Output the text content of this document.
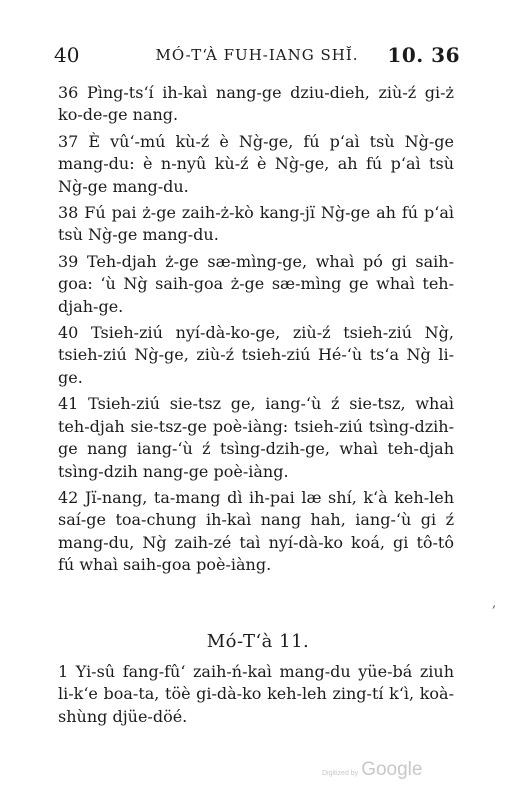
40	MÓ-T‘À FUH-IANG SHĬ. 10. 36

36 Pìng-ts‘í ih-kaì nang-ge dziu-dieh, ziù-ź gi-ż ko-de-ge nang.

37 È vû‘-mú kù-ź è Ng̀-ge, fú p‘aì tsù Ng̀-ge mang-du: è n-nyû kù-ź è Ng̀-ge, ah fú p‘aì tsù Ng̀-ge mang-du.

38 Fú pai ż-ge zaih-ż-kò kang-jï Ng̀-ge ah fú p‘aì tsù Ng̀-ge mang-du.

39 Teh-djah ż-ge sæ-mìng-ge, whaì pó gi saih-goa: ‘ù Ng̀ saih-goa ż-ge sæ-mìng ge whaì teh-djah-ge.

40 Tsieh-ziú nyí-dà-ko-ge, ziù-ź tsieh-ziú Ng̀, tsieh-ziú Ng̀-ge, ziù-ź tsieh-ziú Hé-‘ù ts‘a Ng̀ li-ge.

41 Tsieh-ziú sie-tsz ge, iang-‘ù ź sie-tsz, whaì teh-djah sie-tsz-ge poè-iàng: tsieh-ziú tsìng-dzih-ge nang iang-‘ù ź tsìng-dzih-ge, whaì teh-djah tsìng-dzih nang-ge poè-iàng.

42 Jï-nang, ta-mang dì ih-pai læ shí, k‘à keh-leh saí-ge toa-chung ih-kaì nang hah, iang-‘ù gi ź mang-du, Ng̀ zaih-zé taì nyí-dà-ko koá, gi tô-tô fú whaì saih-goa poè-iàng.

Mó-T‘à 11.

1 Yi-sû fang-fû‘ zaih-ń-kaì mang-du yüe-bá ziuh li-k‘e boa-ta, töè gi-dà-ko keh-leh zing-tí k‘ì, koà-shùng djüe-döé.

,
Digitized by Google
